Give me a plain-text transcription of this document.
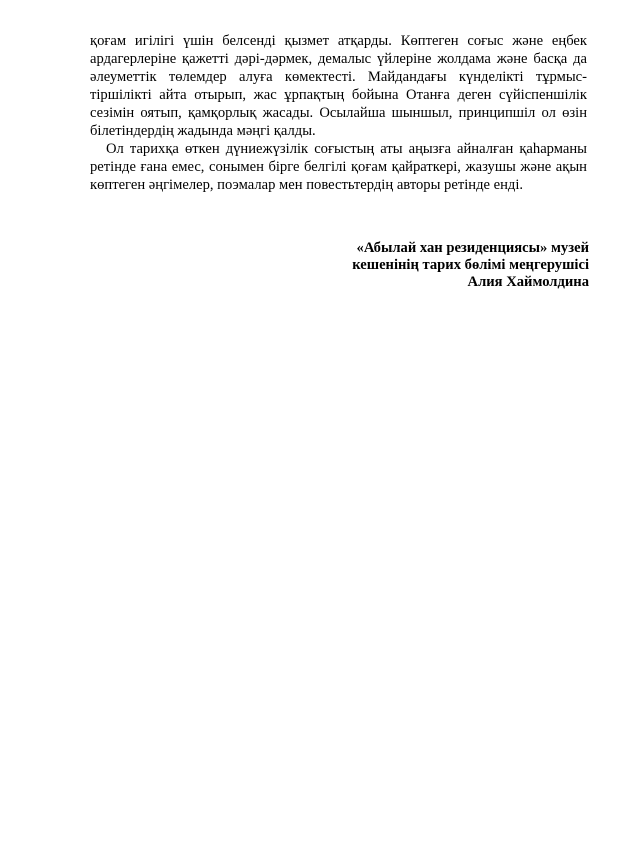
қоғам игілігі үшін белсенді қызмет атқарды. Көптеген соғыс және еңбек ардагерлеріне қажетті дәрі-дәрмек, демалыс үйлеріне жолдама және басқа да әлеуметтік төлемдер алуға көмектесті. Майдандағы күнделікті тұрмыс-тіршілікті айта отырып, жас ұрпақтың бойына Отанға деген сүйіспеншілік сезімін оятып, қамқорлық жасады. Осылайша шыншыл, принципшіл ол өзін білетіндердің жадында мәңгі қалды.

Ол тарихқа өткен дүниежүзілік соғыстың аты аңызға айналған қаһарманы ретінде ғана емес, сонымен бірге белгілі қоғам қайраткері, жазушы және ақын көптеген әңгімелер, поэмалар мен повестьтердің авторы ретінде енді.

«Абылай хан резиденциясы» музей
кешенінің тарих бөлімі меңгерушісі
Алия Хаймолдина
